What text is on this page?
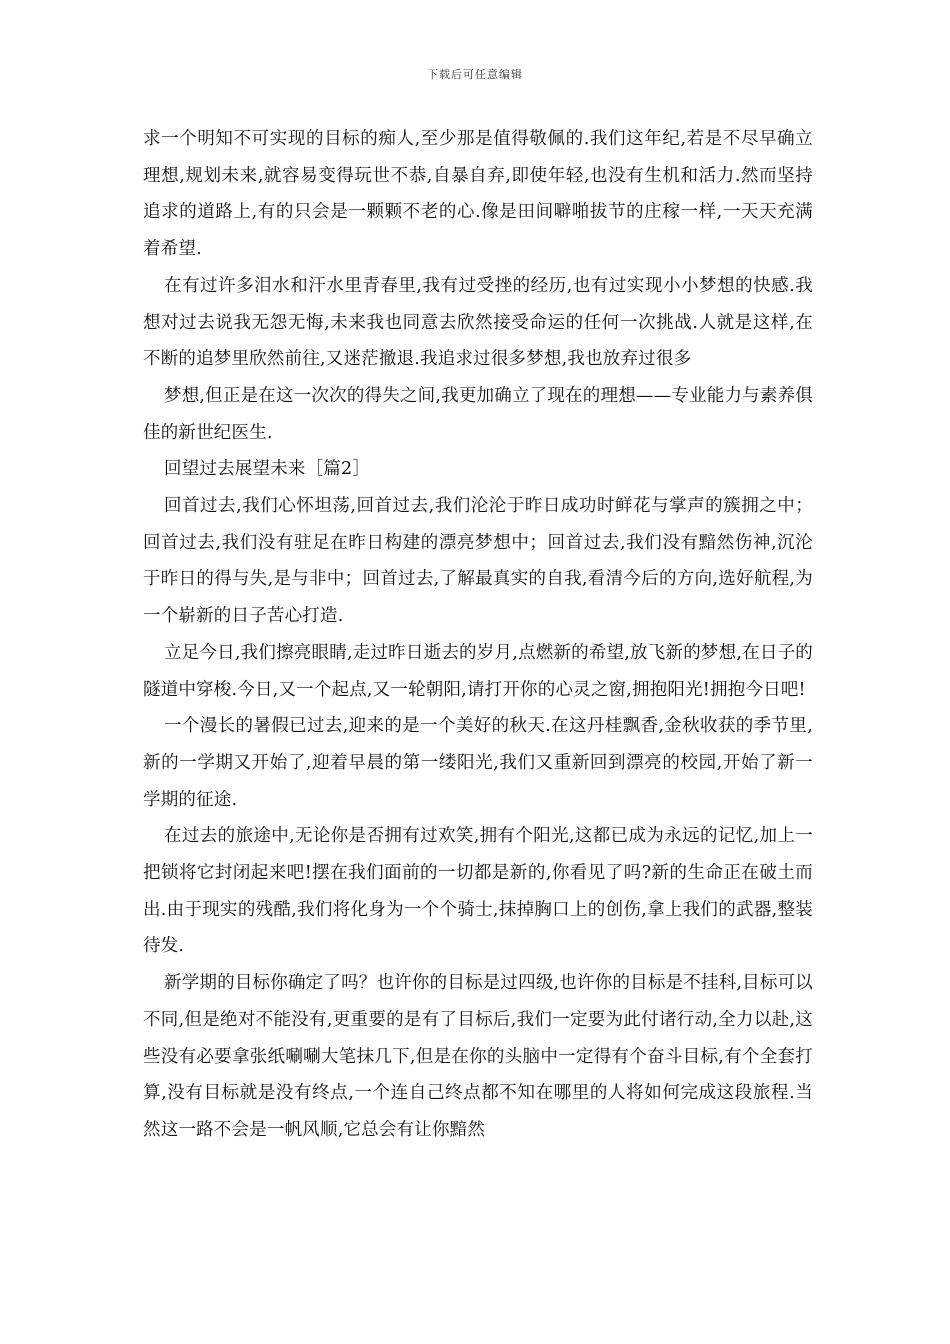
下载后可任意编辑

求一个明知不可实现的目标的痴人,至少那是值得敬佩的.我们这年纪,若是不尽早确立理想,规划未来,就容易变得玩世不恭,自暴自弃,即使年轻,也没有生机和活力.然而坚持追求的道路上,有的只会是一颗颗不老的心.像是田间噼啪拔节的庄稼一样,一天天充满着希望.

在有过许多泪水和汗水里青春里,我有过受挫的经历,也有过实现小小梦想的快感.我想对过去说我无怨无悔,未来我也同意去欣然接受命运的任何一次挑战.人就是这样,在不断的追梦里欣然前往,又迷茫撤退.我追求过很多梦想,我也放弃过很多

梦想,但正是在这一次次的得失之间,我更加确立了现在的理想——专业能力与素养俱佳的新世纪医生.

回望过去展望未来［篇2］

回首过去,我们心怀坦荡,回首过去,我们沦沦于昨日成功时鲜花与掌声的簇拥之中；回首过去,我们没有驻足在昨日构建的漂亮梦想中；回首过去,我们没有黯然伤神,沉沦于昨日的得与失,是与非中；回首过去,了解最真实的自我,看清今后的方向,选好航程,为一个崭新的日子苦心打造.

立足今日,我们擦亮眼睛,走过昨日逝去的岁月,点燃新的希望,放飞新的梦想,在日子的隧道中穿梭.今日,又一个起点,又一轮朝阳,请打开你的心灵之窗,拥抱阳光!拥抱今日吧!

一个漫长的暑假已过去,迎来的是一个美好的秋天.在这丹桂飘香,金秋收获的季节里,新的一学期又开始了,迎着早晨的第一缕阳光,我们又重新回到漂亮的校园,开始了新一学期的征途.

在过去的旅途中,无论你是否拥有过欢笑,拥有个阳光,这都已成为永远的记忆,加上一把锁将它封闭起来吧!摆在我们面前的一切都是新的,你看见了吗?新的生命正在破土而出.由于现实的残酷,我们将化身为一个个骑士,抹掉胸口上的创伤,拿上我们的武器,整装待发.

新学期的目标你确定了吗？也许你的目标是过四级,也许你的目标是不挂科,目标可以不同,但是绝对不能没有,更重要的是有了目标后,我们一定要为此付诸行动,全力以赴,这些没有必要拿张纸唰唰大笔抹几下,但是在你的头脑中一定得有个奋斗目标,有个全套打算,没有目标就是没有终点,一个连自己终点都不知在哪里的人将如何完成这段旅程.当然这一路不会是一帆风顺,它总会有让你黯然
